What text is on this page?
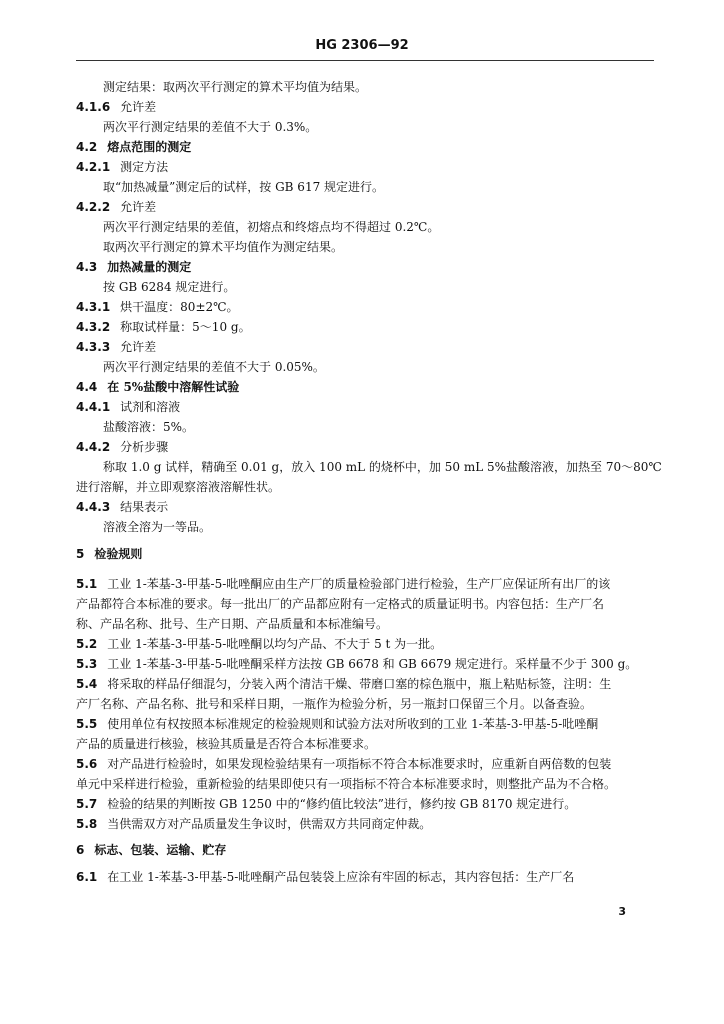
HG 2306—92
测定结果：取两次平行测定的算术平均值为结果。
4.1.6 允许差
两次平行测定结果的差值不大于 0.3%。
4.2 熔点范围的测定
4.2.1 测定方法
取“加热减量”测定后的试样，按 GB 617 规定进行。
4.2.2 允许差
两次平行测定结果的差值，初熔点和终熔点均不得超过 0.2℃。
取两次平行测定的算术平均值作为测定结果。
4.3 加热减量的测定
按 GB 6284 规定进行。
4.3.1 烘干温度：80±2℃。
4.3.2 称取试样量：5～10 g。
4.3.3 允许差
两次平行测定结果的差值不大于 0.05%。
4.4 在 5%盐酸中溶解性试验
4.4.1 试剂和溶液
盐酸溶液：5%。
4.4.2 分析步骤
称取 1.0 g 试样，精确至 0.01 g，放入 100 mL 的烧杯中，加 50 mL 5%盐酸溶液，加热至 70～80℃
进行溶解，并立即观察溶液溶解性状。
4.4.3 结果表示
溶液全溶为一等品。
5 检验规则
5.1 工业 1-苯基-3-甲基-5-吡唑酮应由生产厂的质量检验部门进行检验，生产厂应保证所有出厂的该
产品都符合本标准的要求。每一批出厂的产品都应附有一定格式的质量证明书。内容包括：生产厂名
称、产品名称、批号、生产日期、产品质量和本标准编号。
5.2 工业 1-苯基-3-甲基-5-吡唑酮以均匀产品、不大于 5 t 为一批。
5.3 工业 1-苯基-3-甲基-5-吡唑酮采样方法按 GB 6678 和 GB 6679 规定进行。采样量不少于 300 g。
5.4 将采取的样品仔细混匀，分装入两个清洁干燥、带磨口塞的棕色瓶中，瓶上粘贴标签，注明：生
产厂名称、产品名称、批号和采样日期，一瓶作为检验分析，另一瓶封口保留三个月。以备查验。
5.5 使用单位有权按照本标准规定的检验规则和试验方法对所收到的工业 1-苯基-3-甲基-5-吡唑酮
产品的质量进行核验，核验其质量是否符合本标准要求。
5.6 对产品进行检验时，如果发现检验结果有一项指标不符合本标准要求时，应重新自两倍数的包装
单元中采样进行检验，重新检验的结果即使只有一项指标不符合本标准要求时，则整批产品为不合格。
5.7 检验的结果的判断按 GB 1250 中的“修约值比较法”进行，修约按 GB 8170 规定进行。
5.8 当供需双方对产品质量发生争议时，供需双方共同商定仲裁。
6 标志、包装、运输、贮存
6.1 在工业 1-苯基-3-甲基-5-吡唑酮产品包装袋上应涂有牢固的标志，其内容包括：生产厂名
3
